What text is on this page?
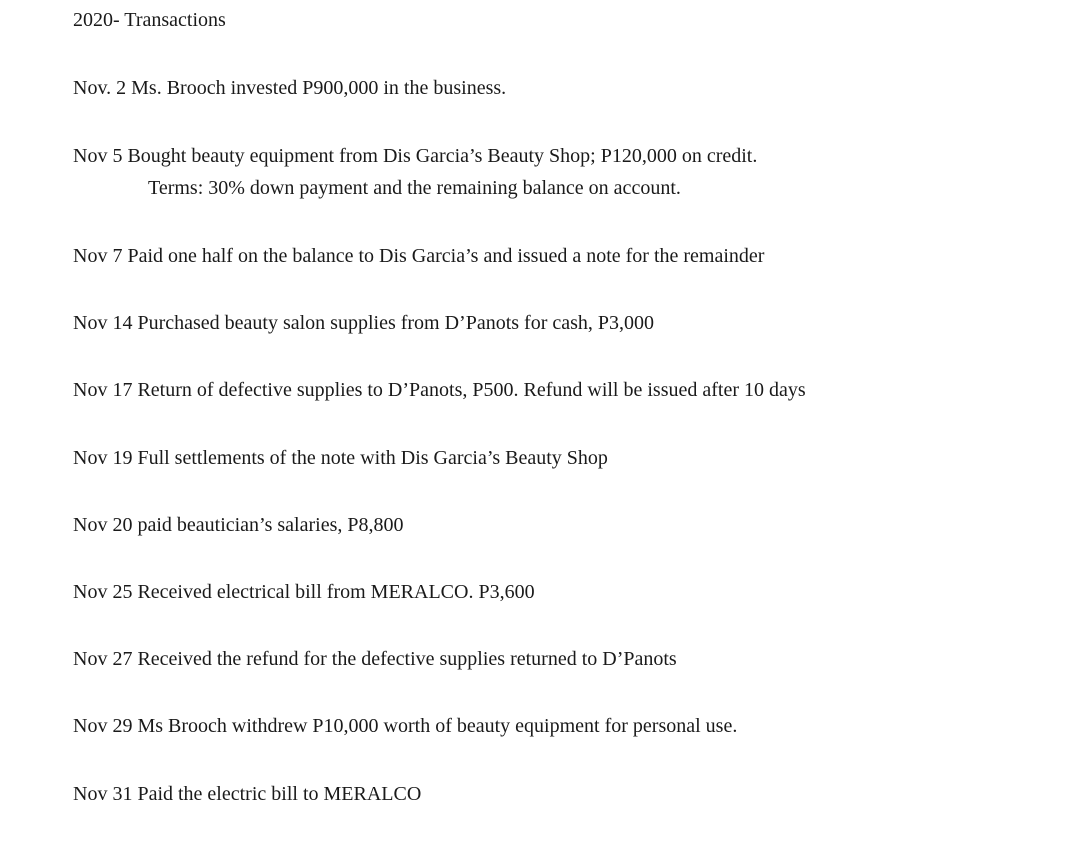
2020- Transactions
Nov. 2 Ms. Brooch invested P900,000 in the business.
Nov 5 Bought beauty equipment from Dis Garcia’s Beauty Shop; P120,000 on credit.
Terms: 30% down payment and the remaining balance on account.
Nov 7 Paid one half on the balance to Dis Garcia’s and issued a note for the remainder
Nov 14 Purchased beauty salon supplies from D’Panots for cash, P3,000
Nov 17 Return of defective supplies to D’Panots, P500. Refund will be issued after 10 days
Nov 19 Full settlements of the note with Dis Garcia’s Beauty Shop
Nov 20 paid beautician’s salaries, P8,800
Nov 25 Received electrical bill from MERALCO. P3,600
Nov 27 Received the refund for the defective supplies returned to D’Panots
Nov 29 Ms Brooch withdrew P10,000 worth of beauty equipment for personal use.
Nov 31 Paid the electric bill to MERALCO
